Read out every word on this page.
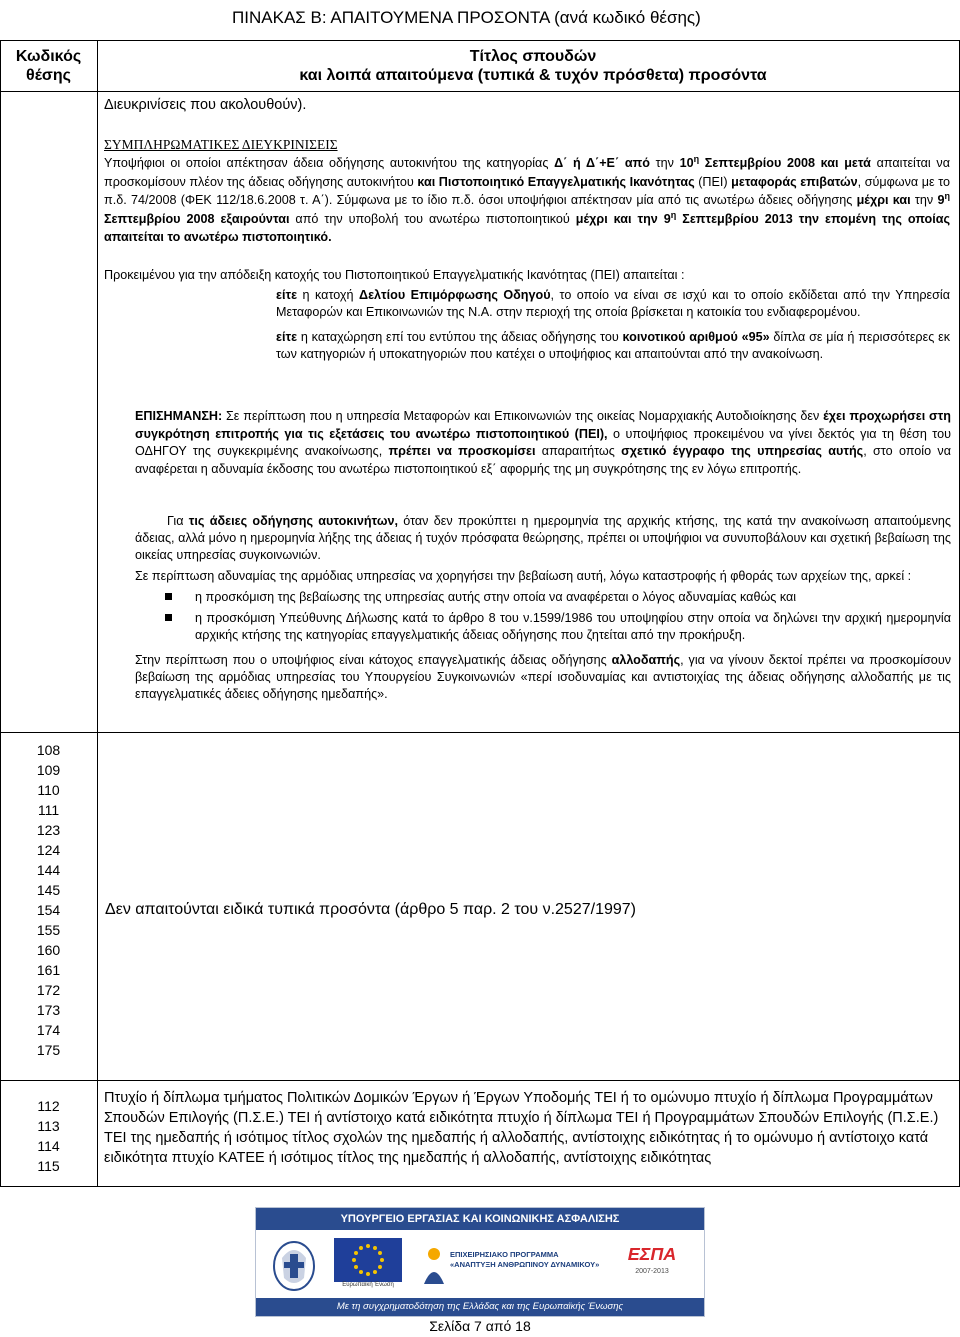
ΠΙΝΑΚΑΣ Β: ΑΠΑΙΤΟΥΜΕΝΑ ΠΡΟΣΟΝΤΑ (ανά κωδικό θέσης)
Κωδικός
θέσης
Τίτλος σπουδών
και λοιπά απαιτούμενα (τυπικά & τυχόν πρόσθετα) προσόντα
Διευκρινίσεις που ακολουθούν).
ΣΥΜΠΛΗΡΩΜΑΤΙΚΕΣ ΔΙΕΥΚΡΙΝΙΣΕΙΣ
Υποψήφιοι οι οποίοι απέκτησαν άδεια οδήγησης αυτοκινήτου της κατηγορίας Δ΄ ή Δ΄+Ε΄ από την $10^\eta$ Σεπτεμβρίου 2008 και μετά απαιτείται να προσκομίσουν πλέον της άδειας οδήγησης αυτοκινήτου και Πιστοποιητικό Επαγγελματικής Ικανότητας (ΠΕΙ) μεταφοράς επιβατών, σύμφωνα με το π.δ. 74/2008 (ΦΕΚ 112/18.6.2008 τ. Α΄). Σύμφωνα με το ίδιο π.δ. όσοι υποψήφιοι απέκτησαν μία από τις ανωτέρω άδειες οδήγησης μέχρι και την $9^\eta$ Σεπτεμβρίου 2008 εξαιρούνται από την υποβολή του ανωτέρω πιστοποιητικού μέχρι και την $9^\eta$ Σεπτεμβρίου 2013 την επομένη της οποίας απαιτείται το ανωτέρω πιστοποιητικό.
Προκειμένου για την απόδειξη κατοχής του Πιστοποιητικού Επαγγελματικής Ικανότητας (ΠΕΙ) απαιτείται :
είτε η κατοχή Δελτίου Επιμόρφωσης Οδηγού, το οποίο να είναι σε ισχύ και το οποίο εκδίδεται από την Υπηρεσία Μεταφορών και Επικοινωνιών της Ν.Α. στην περιοχή της οποία βρίσκεται η κατοικία του ενδιαφερομένου.
είτε η καταχώρηση επί του εντύπου της άδειας οδήγησης του κοινοτικού αριθμού «95» δίπλα σε μία ή περισσότερες εκ των κατηγοριών ή υποκατηγοριών που κατέχει ο υποψήφιος και απαιτούνται από την ανακοίνωση.
ΕΠΙΣΗΜΑΝΣΗ: Σε περίπτωση που η υπηρεσία Μεταφορών και Επικοινωνιών της οικείας Νομαρχιακής Αυτοδιοίκησης δεν έχει προχωρήσει στη συγκρότηση επιτροπής για τις εξετάσεις του ανωτέρω πιστοποιητικού (ΠΕΙ), ο υποψήφιος προκειμένου να γίνει δεκτός για τη θέση του ΟΔΗΓΟΥ της συγκεκριμένης ανακοίνωσης, πρέπει να προσκομίσει απαραιτήτως σχετικό έγγραφο της υπηρεσίας αυτής, στο οποίο να αναφέρεται η αδυναμία έκδοσης του ανωτέρω πιστοποιητικού εξ΄ αφορμής της μη συγκρότησης της εν λόγω επιτροπής.

Για τις άδειες οδήγησης αυτοκινήτων, όταν δεν προκύπτει η ημερομηνία της αρχικής κτήσης, της κατά την ανακοίνωση απαιτούμενης άδειας, αλλά μόνο η ημερομηνία λήξης της άδειας ή τυχόν πρόσφατα θεώρησης, πρέπει οι υποψήφιοι να συνυποβάλουν και σχετική βεβαίωση της οικείας υπηρεσίας συγκοινωνιών.

Σε περίπτωση αδυναμίας της αρμόδιας υπηρεσίας να χορηγήσει την βεβαίωση αυτή, λόγω καταστροφής ή φθοράς των αρχείων της, αρκεί :

η προσκόμιση της βεβαίωσης της υπηρεσίας αυτής στην οποία να αναφέρεται ο λόγος αδυναμίας καθώς και
η προσκόμιση Υπεύθυνης Δήλωσης κατά το άρθρο 8 του ν.1599/1986 του υποψηφίου στην οποία να δηλώνει την αρχική ημερομηνία αρχικής κτήσης της κατηγορίας επαγγελματικής άδειας οδήγησης που ζητείται από την προκήρυξη.

Στην περίπτωση που ο υποψήφιος είναι κάτοχος επαγγελματικής άδειας οδήγησης αλλοδαπής, για να γίνουν δεκτοί πρέπει να προσκομίσουν βεβαίωση της αρμόδιας υπηρεσίας του Υπουργείου Συγκοινωνιών «περί ισοδυναμίας και αντιστοιχίας της άδειας οδήγησης αλλοδαπής με τις επαγγελματικές άδειες οδήγησης ημεδαπής».

108
109
110
111
123
124
144
145
154
155
160
161
172
173
174
175
Δεν απαιτούνται ειδικά τυπικά προσόντα (άρθρο 5 παρ. 2 του ν.2527/1997)
112
113
114
115
Πτυχίο ή δίπλωμα τμήματος Πολιτικών Δομικών Έργων ή Έργων Υποδομής ΤΕΙ ή το ομώνυμο πτυχίο ή δίπλωμα Προγραμμάτων Σπουδών Επιλογής (Π.Σ.Ε.) ΤΕΙ ή αντίστοιχο κατά ειδικότητα πτυχίο ή δίπλωμα ΤΕΙ ή Προγραμμάτων Σπουδών Επιλογής (Π.Σ.Ε.) ΤΕΙ της ημεδαπής ή ισότιμος τίτλος σχολών της ημεδαπής ή αλλοδαπής, αντίστοιχης ειδικότητας ή το ομώνυμο ή αντίστοιχο κατά ειδικότητα πτυχίο ΚΑΤΕΕ ή ισότιμος τίτλος της ημεδαπής ή αλλοδαπής, αντίστοιχης ειδικότητας
ΥΠΟΥΡΓΕΙΟ ΕΡΓΑΣΙΑΣ ΚΑΙ ΚΟΙΝΩΝΙΚΗΣ ΑΣΦΑΛΙΣΗΣ
Ευρωπαϊκή Ένωση
ΕΠΙΧΕΙΡΗΣΙΑΚΟ ΠΡΟΓΡΑΜΜΑ
«ΑΝΑΠΤΥΞΗ ΑΝΘΡΩΠΙΝΟΥ ΔΥΝΑΜΙΚΟΥ»
ΕΣΠΑ
2007-2013
Με τη συγχρηματοδότηση της Ελλάδας και της Ευρωπαϊκής Ένωσης
Σελίδα 7 από 18
